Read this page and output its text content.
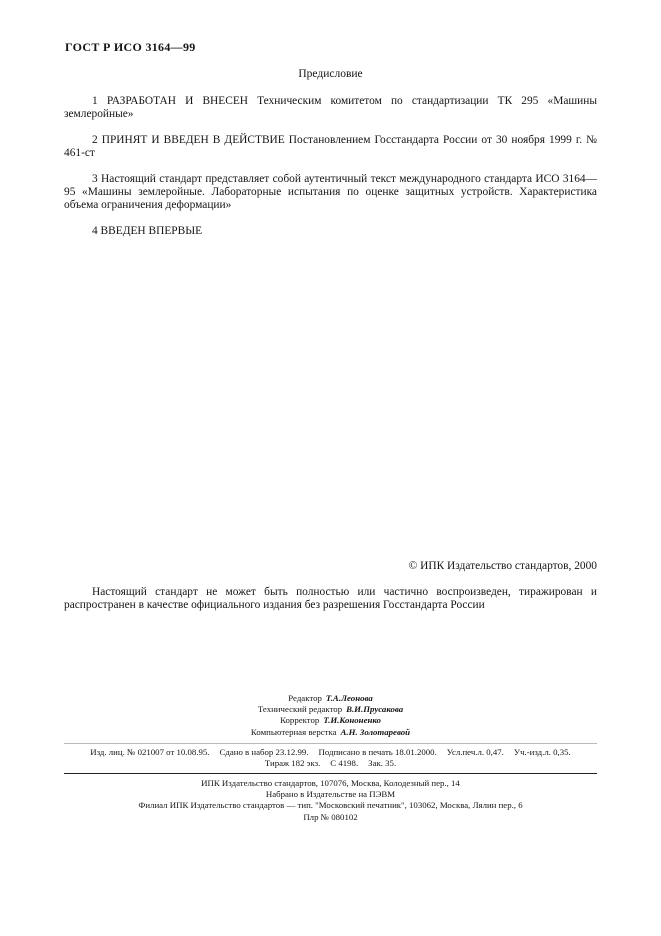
ГОСТ Р ИСО 3164—99
Предисловие

1 РАЗРАБОТАН И ВНЕСЕН Техническим комитетом по стандартизации ТК 295 «Машины землеройные»

2 ПРИНЯТ И ВВЕДЕН В ДЕЙСТВИЕ Постановлением Госстандарта России от 30 ноября 1999 г. № 461-ст

3 Настоящий стандарт представляет собой аутентичный текст международного стандарта ИСО 3164—95 «Машины землеройные. Лабораторные испытания по оценке защитных устройств. Характеристика объема ограничения деформации»

4 ВВЕДЕН ВПЕРВЫЕ

© ИПК Издательство стандартов, 2000

Настоящий стандарт не может быть полностью или частично воспроизведен, тиражирован и распространен в качестве официального издания без разрешения Госстандарта России

Редактор Т.А.Леонова
Технический редактор В.И.Прусакова
Корректор Т.И.Кононенко
Компьютерная верстка А.Н. Золотаревой
Изд. лиц. № 021007 от 10.08.95. Сдано в набор 23.12.99. Подписано в печать 18.01.2000. Усл.печ.л. 0,47. Уч.-изд.л. 0,35.
Тираж 182 экз. С 4198. Зак. 35.
ИПК Издательство стандартов, 107076, Москва, Колодезный пер., 14
Набрано в Издательстве на ПЭВМ
Филиал ИПК Издательство стандартов — тип. "Московский печатник", 103062, Москва, Лялин пер., 6
Плр № 080102
